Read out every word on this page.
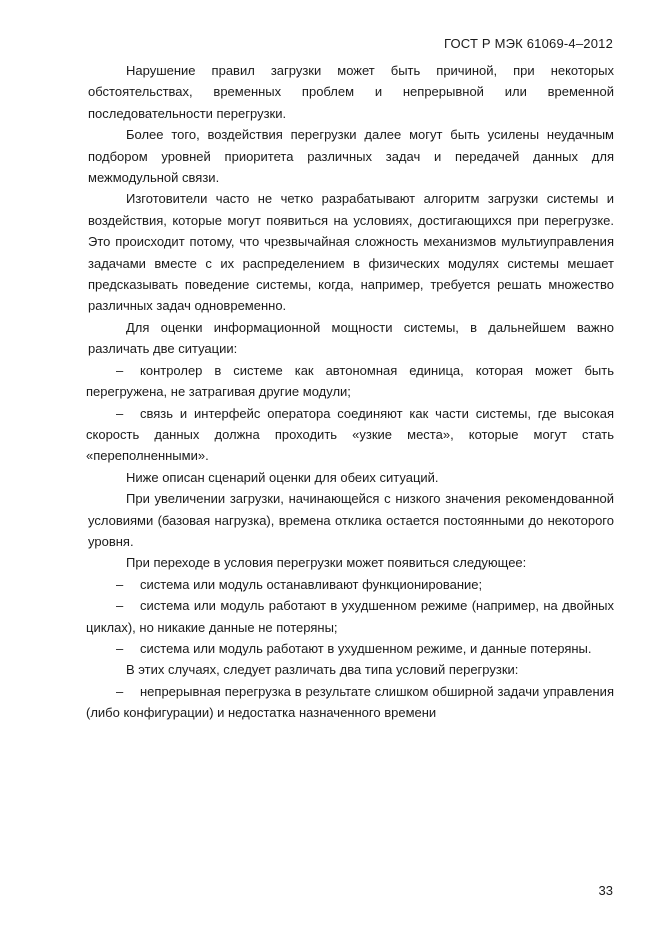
ГОСТ Р МЭК 61069-4–2012

Нарушение правил загрузки может быть причиной, при некоторых обстоятельствах, временных проблем и непрерывной или временной последовательности перегрузки.

Более того, воздействия перегрузки далее могут быть усилены неудачным подбором уровней приоритета различных задач и передачей данных для межмодульной связи.

Изготовители часто не четко разрабатывают алгоритм загрузки системы и воздействия, которые могут появиться на условиях, достигающихся при перегрузке. Это происходит потому, что чрезвычайная сложность механизмов мультиуправления задачами вместе с их распределением в физических модулях системы мешает предсказывать поведение системы, когда, например, требуется решать множество различных задач одновременно.

Для оценки информационной мощности системы, в дальнейшем важно различать две ситуации:

– контролер в системе как автономная единица, которая может быть перегружена, не затрагивая другие модули;

– связь и интерфейс оператора соединяют как части системы, где высокая скорость данных должна проходить «узкие места», которые могут стать «переполненными».

Ниже описан сценарий оценки для обеих ситуаций.

При увеличении загрузки, начинающейся с низкого значения рекомендованной условиями (базовая нагрузка), времена отклика остается постоянными до некоторого уровня.

При переходе в условия перегрузки может появиться следующее:

– система или модуль останавливают функционирование;

– система или модуль работают в ухудшенном режиме (например, на двойных циклах), но никакие данные не потеряны;

– система или модуль работают в ухудшенном режиме, и данные потеряны.

В этих случаях, следует различать два типа условий перегрузки:

– непрерывная перегрузка в результате слишком обширной задачи управления (либо конфигурации) и недостатка назначенного времени

33
